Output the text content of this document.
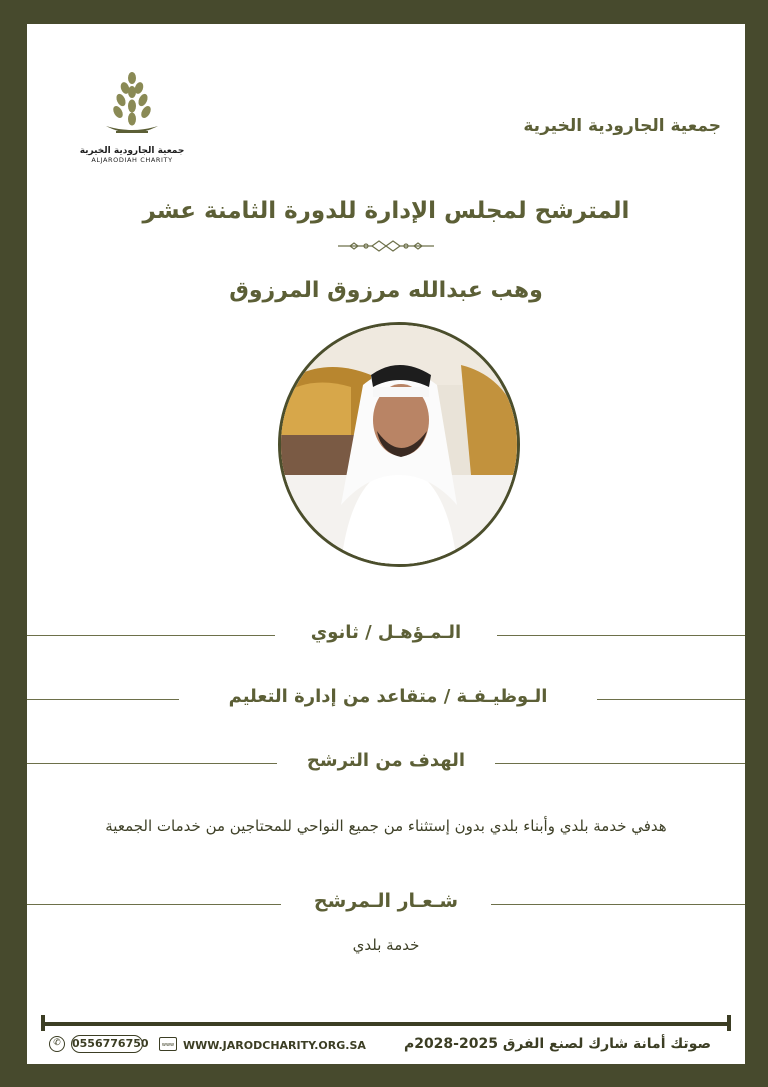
جمعية الجارودية الخيرية
ALJARODIAH CHARITY
جمعية الجارودية الخيرية
المترشح لمجلس الإدارة للدورة الثامنة عشر
وهب عبدالله مرزوق المرزوق
الـمـؤهـل / ثانوي
الـوظيـفـة / متقاعد من إدارة التعليم
الهدف من الترشح
هدفي خدمة بلدي وأبناء بلدي بدون إستثناء من جميع النواحي للمحتاجين من خدمات الجمعية
شـعـار الـمرشح
خدمة بلدي
صوتك أمانة شارك لصنع الفرق 2025-2028م
www WWW.JARODCHARITY.ORG.SA
✆	0556776750
